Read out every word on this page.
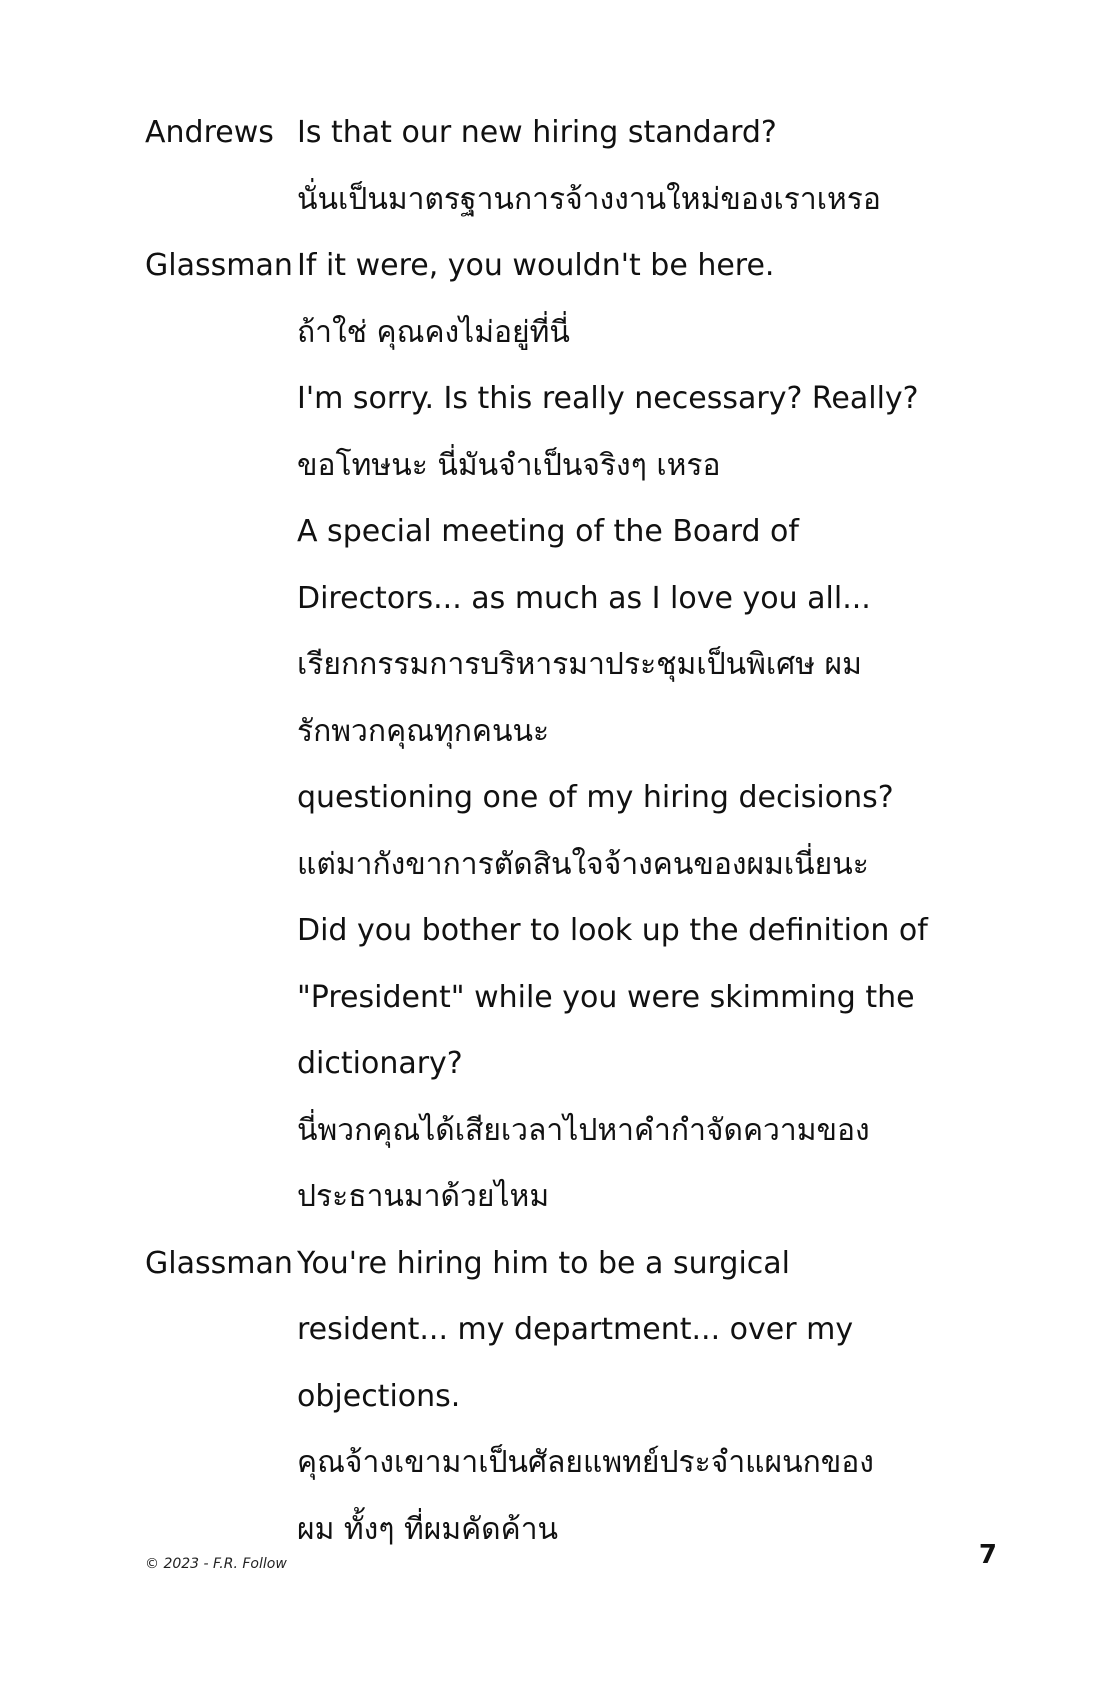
Andrews Is that our new hiring standard?
นั่นเป็นมาตรฐานการจ้างงานใหม่ของเราเหรอ
Glassman If it were, you wouldn't be here.
ถ้าใช่ คุณคงไม่อยู่ที่นี่
I'm sorry. Is this really necessary? Really?
ขอโทษนะ นี่มันจำเป็นจริงๆ เหรอ
A special meeting of the Board of
Directors... as much as I love you all...
เรียกกรรมการบริหารมาประชุมเป็นพิเศษ ผม
รักพวกคุณทุกคนนะ
questioning one of my hiring decisions?
แต่มากังขาการตัดสินใจจ้างคนของผมเนี่ยนะ
Did you bother to look up the definition of
"President" while you were skimming the
dictionary?
นี่พวกคุณได้เสียเวลาไปหาคำกำจัดความของ
ประธานมาด้วยไหม
Glassman You're hiring him to be a surgical
resident... my department... over my
objections.
คุณจ้างเขามาเป็นศัลยแพทย์ประจำแผนกของ
ผม ทั้งๆ ที่ผมคัดค้าน
© 2023 - F.R. Follow	7
